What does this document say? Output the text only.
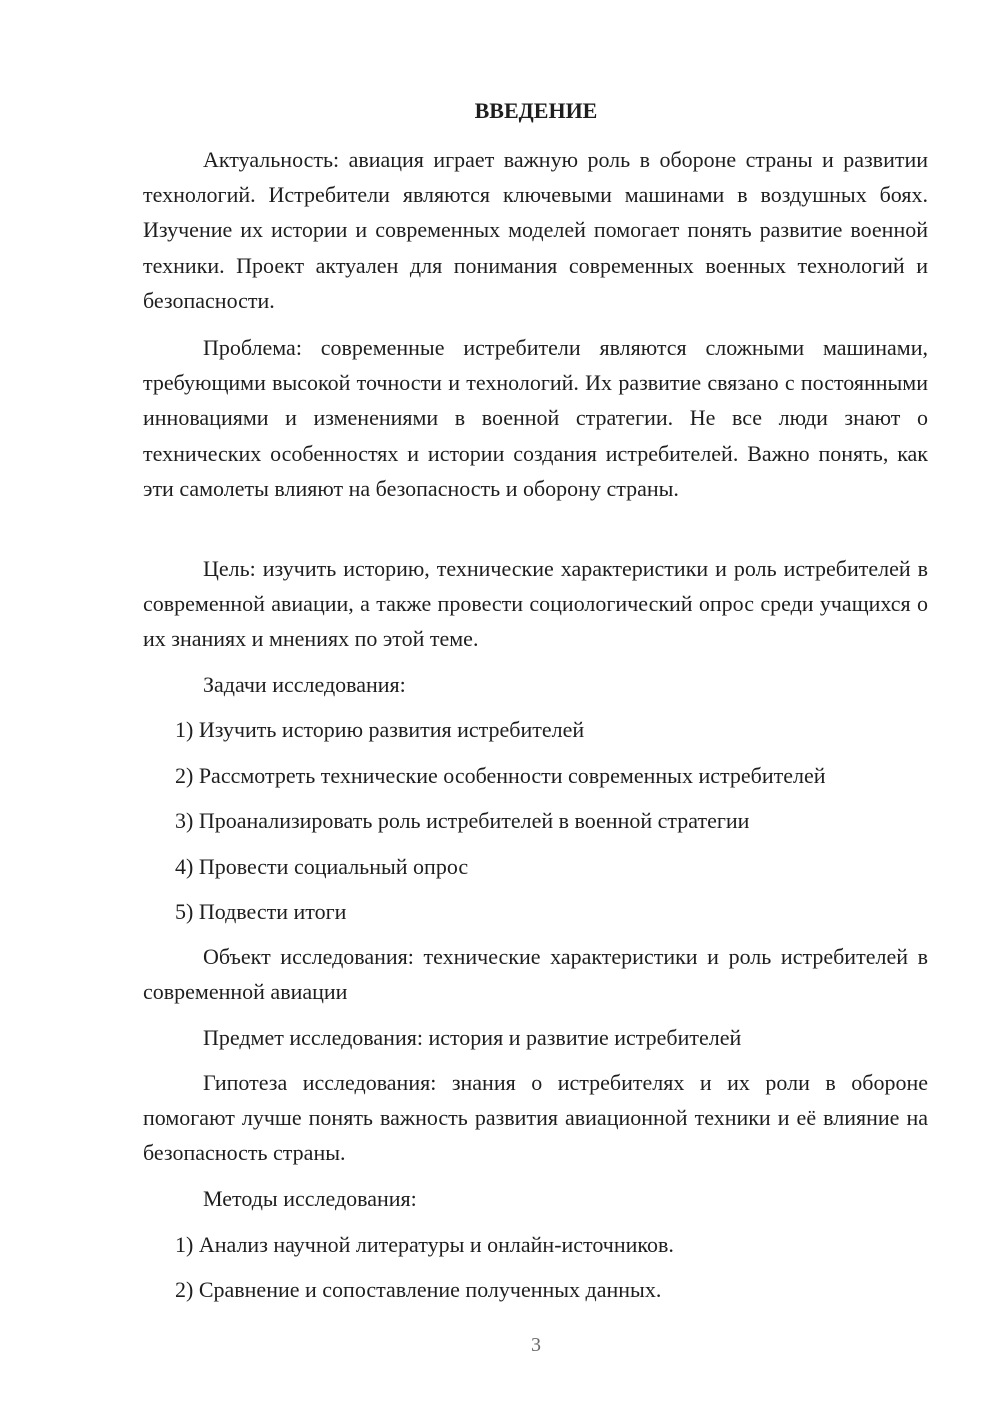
ВВЕДЕНИЕ

Актуальность: авиация играет важную роль в обороне страны и развитии технологий. Истребители являются ключевыми машинами в воздушных боях. Изучение их истории и современных моделей помогает понять развитие военной техники. Проект актуален для понимания современных военных технологий и безопасности.

Проблема: современные истребители являются сложными машинами, требующими высокой точности и технологий. Их развитие связано с постоянными инновациями и изменениями в военной стратегии. Не все люди знают о технических особенностях и истории создания истребителей. Важно понять, как эти самолеты влияют на безопасность и оборону страны.

Цель: изучить историю, технические характеристики и роль истребителей в современной авиации, а также провести социологический опрос среди учащихся о их знаниях и мнениях по этой теме.

Задачи исследования:

1) Изучить историю развития истребителей

2) Рассмотреть технические особенности современных истребителей

3) Проанализировать роль истребителей в военной стратегии

4) Провести социальный опрос

5) Подвести итоги

Объект исследования: технические характеристики и роль истребителей в современной авиации

Предмет исследования: история и развитие истребителей

Гипотеза исследования: знания о истребителях и их роли в обороне помогают лучше понять важность развития авиационной техники и её влияние на безопасность страны.

Методы исследования:

1) Анализ научной литературы и онлайн-источников.

2) Сравнение и сопоставление полученных данных.

3
